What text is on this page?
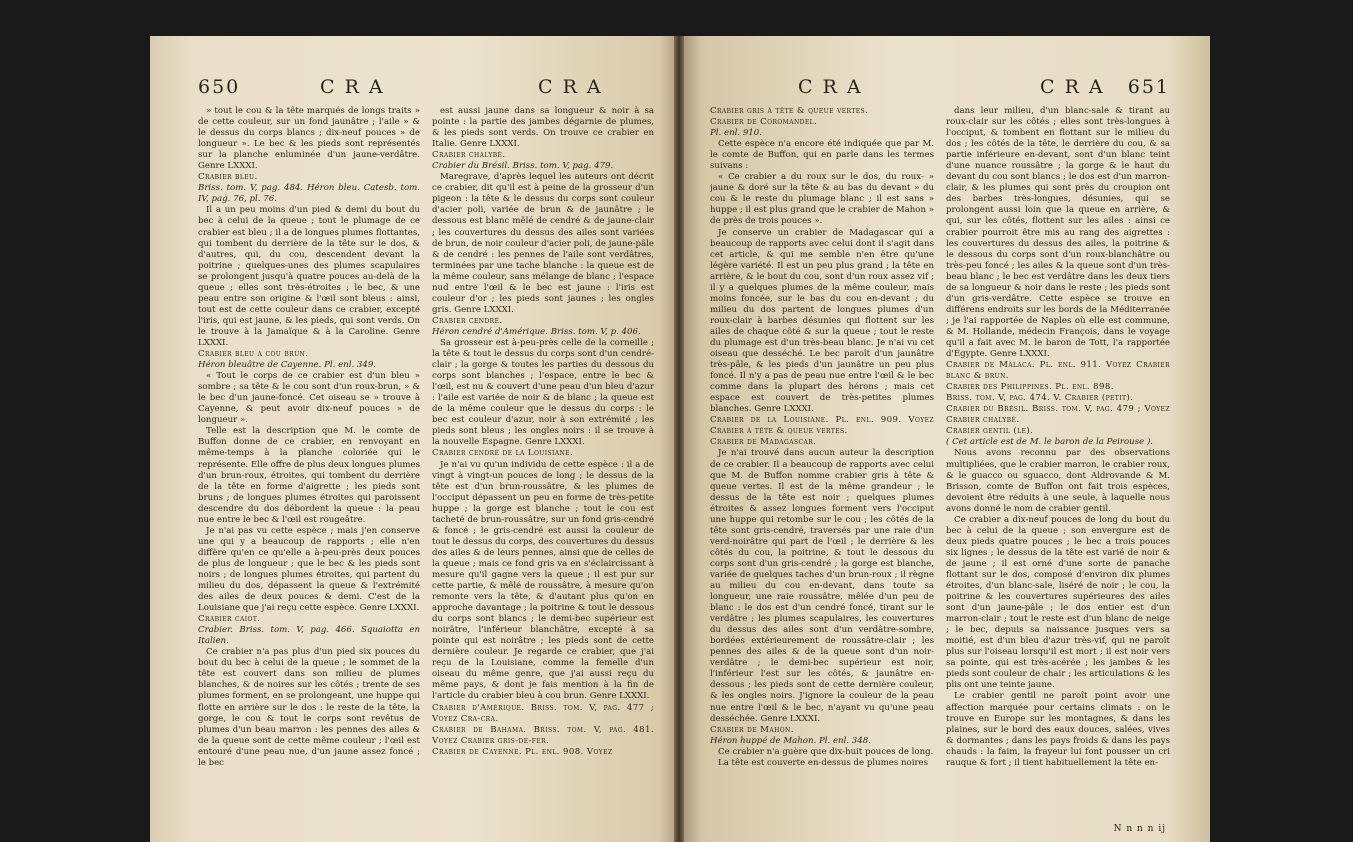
650	C R A	C R A

» tout le cou & la tête marqués de longs traits » de cette couleur, sur un fond jaunâtre ; l'aile » & le dessus du corps blancs ; dix-neuf pouces » de longueur ». Le bec & les pieds sont représentés sur la planche enluminée d'un jaune-verdâtre. Genre LXXXI.

Crabier bleu.

Briss. tom. V, pag. 484. Héron bleu. Catesb. tom. IV, pag. 76, pl. 76.

Il a un peu moins d'un pied & demi du bout du bec à celui de la queue ; tout le plumage de ce crabier est bleu ; il a de longues plumes flottantes, qui tombent du derrière de la tête sur le dos, & d'autres, qui, du cou, descendent devant la poitrine ; quelques-unes des plumes scapulaires se prolongent jusqu'à quatre pouces au-delà de la queue ; elles sont très-étroites ; le bec, & une peau entre son origine & l'œil sont bleus : ainsi, tout est de cette couleur dans ce crabier, excepté l'iris, qui est jaune, & les pieds, qui sont verds. On le trouve à la Jamaïque & à la Caroline. Genre LXXXI.

Crabier bleu a cou brun.

Héron bleuâtre de Cayenne. Pl. enl. 349.

« Tout le corps de ce crabier est d'un bleu » sombre ; sa tête & le cou sont d'un roux-brun, » & le bec d'un jaune-foncé. Cet oiseau se » trouve à Cayenne, & peut avoir dix-neuf pouces » de longueur ».

Telle est la description que M. le comte de Buffon donne de ce crabier, en renvoyant en même-temps à la planche coloriée qui le représente. Elle offre de plus deux longues plumes d'un brun-roux, étroites, qui tombent du derrière de la tête en forme d'aigrette ; les pieds sont bruns ; de longues plumes étroites qui paroissent descendre du dos débordent la queue : la peau nue entre le bec & l'œil est rougeâtre.

Je n'ai pas vu cette espèce ; mais j'en conserve une qui y a beaucoup de rapports ; elle n'en diffère qu'en ce qu'elle a à-peu-près deux pouces de plus de longueur ; que le bec & les pieds sont noirs ; de longues plumes étroites, qui partent du milieu du dos, dépassent la queue & l'extrémité des ailes de deux pouces & demi. C'est de la Louisiane que j'ai reçu cette espèce. Genre LXXXI.

Crabier caiot.

Crabier. Briss. tom. V, pag. 466. Squaiotta en Italien.

Ce crabier n'a pas plus d'un pied six pouces du bout du bec à celui de la queue ; le sommet de la tête est couvert dans son milieu de plumes blanches, & de noires sur les côtés ; trente de ses plumes forment, en se prolongeant, une huppe qui flotte en arrière sur le dos : le reste de la tête, la gorge, le cou & tout le corps sont revêtus de plumes d'un beau marron : les pennes des ailes & de la queue sont de cette même couleur ; l'œil est entouré d'une peau nue, d'un jaune assez foncé ; le bec

est aussi jaune dans sa longueur & noir à sa pointe : la partie des jambes dégarnie de plumes, & les pieds sont verds. On trouve ce crabier en Italie. Genre LXXXI.

Crabier chalybé.

Crabier du Brésil. Briss. tom. V, pag. 479.

Maregrave, d'après lequel les auteurs ont décrit ce crabier, dit qu'il est à peine de la grosseur d'un pigeon : la tête & le dessus du corps sont couleur d'acier poli, variée de brun & de jaunâtre ; le dessous est blanc mêlé de cendré & de jaune-clair ; les couvertures du dessus des ailes sont variées de brun, de noir couleur d'acier poli, de jaune-pâle & de cendré : les pennes de l'aile sont verdâtres, terminées par une tache blanche : la queue est de la même couleur, sans mélange de blanc ; l'espace nud entre l'œil & le bec est jaune : l'iris est couleur d'or ; les pieds sont jaunes ; les ongles gris. Genre LXXXI.

Crabier cendré.

Héron cendré d'Amérique. Briss. tom. V, p. 406.

Sa grosseur est à-peu-près celle de la corneille ; la tête & tout le dessus du corps sont d'un cendré-clair ; la gorge & toutes les parties du dessous du corps sont blanches ; l'espace, entre le bec & l'œil, est nu & couvert d'une peau d'un bleu d'azur : l'aile est variée de noir & de blanc ; la queue est de la même couleur que le dessus du corps : le bec est couleur d'azur, noir à son extrémité ; les pieds sont bleus ; les ongles noirs : il se trouve à la nouvelle Espagne. Genre LXXXI.

Crabier cendré de la Louisiane.

Je n'ai vu qu'un individu de cette espèce : il a de vingt à vingt-un pouces de long ; le dessus de la tête est d'un brun-roussâtre, & les plumes de l'occiput dépassent un peu en forme de très-petite huppe ; la gorge est blanche ; tout le cou est tacheté de brun-roussâtre, sur un fond gris-cendré & foncé ; le gris-cendré est aussi la couleur de tout le dessus du corps, des couvertures du dessus des ailes & de leurs pennes, ainsi que de celles de la queue ; mais ce fond gris va en s'éclaircissant à mesure qu'il gagne vers la queue ; il est pur sur cette partie, & mêlé de roussâtre, à mesure qu'on remonte vers la tête, & d'autant plus qu'on en approche davantage ; la poitrine & tout le dessous du corps sont blancs ; le demi-bec supérieur est noirâtre, l'inférieur blanchâtre, excepté à sa pointe qui est noirâtre ; les pieds sont de cette dernière couleur. Je regarde ce crabier, que j'ai reçu de la Louisiane, comme la femelle d'un oiseau du même genre, que j'ai aussi reçu du même pays, & dont je fais mention à la fin de l'article du crabier bleu à cou brun. Genre LXXXI.

Crabier d'Amérique. Briss. tom. V, pag. 477 ; Voyez Cra-cra.

Crabier de Bahama. Briss. tom. V, pag. 481. Voyez Crabier gris-de-fer.

Crabier de Cayenne. Pl. enl. 908. Voyez

C R A	C R A 651

Crabier gris à tête & queue vertes.

Crabier de Coromandel.

Pl. enl. 910.

Cette espèce n'a encore été indiquée que par M. le comte de Buffon, qui en parle dans les termes suivans :

« Ce crabier a du roux sur le dos, du roux- » jaune & doré sur la tête & au bas du devant » du cou & le reste du plumage blanc ; il est sans » huppe ; il est plus grand que le crabier de Mahon » de près de trois pouces ».

Je conserve un crabier de Madagascar qui a beaucoup de rapports avec celui dont il s'agit dans cet article, & qui me semble n'en être qu'une légère variété. Il est un peu plus grand ; la tête en arrière, & le bout du cou, sont d'un roux assez vif ; il y a quelques plumes de la même couleur, mais moins foncée, sur le bas du cou en-devant ; du milieu du dos partent de longues plumes d'un roux-clair à barbes désunies qui flottent sur les ailes de chaque côté & sur la queue ; tout le reste du plumage est d'un très-beau blanc. Je n'ai vu cet oiseau que desséché. Le bec paroît d'un jaunâtre très-pâle, & les pieds d'un jaunâtre un peu plus foncé. Il n'y a pas de peau nue entre l'œil & le bec comme dans la plupart des hérons ; mais cet espace est couvert de très-petites plumes blanches. Genre LXXXI.

Crabier de la Louisiane. Pl. enl. 909. Voyez Crabier à tête & queue vertes.

Crabier de Madagascar.

Je n'ai trouvé dans aucun auteur la description de ce crabier. Il a beaucoup de rapports avec celui que M. de Buffon nomme crabier gris à tête & queue vertes. Il est de la même grandeur ; le dessus de la tête est noir ; quelques plumes étroites & assez longues forment vers l'occiput une huppe qui retombe sur le cou ; les côtés de la tête sont gris-cendré, traversés par une raie d'un verd-noirâtre qui part de l'œil ; le derrière & les côtés du cou, la poitrine, & tout le dessous du corps sont d'un gris-cendré ; la gorge est blanche, variée de quelques taches d'un brun-roux ; il règne au milieu du cou en-devant, dans toute sa longueur, une raie roussâtre, mêlée d'un peu de blanc : le dos est d'un cendré foncé, tirant sur le verdâtre ; les plumes scapulaires, les couvertures du dessus des ailes sont d'un verdâtre-sombre, bordées extérieurement de roussâtre-clair ; les pennes des ailes & de la queue sont d'un noir-verdâtre ; le demi-bec supérieur est noir, l'inférieur l'est sur les côtés, & jaunâtre en-dessous ; les pieds sont de cette dernière couleur, & les ongles noirs. J'ignore la couleur de la peau nue entre l'œil & le bec, n'ayant vu qu'une peau desséchée. Genre LXXXI.

Crabier de Mahon.

Héron huppé de Mahon. Pl. enl. 348.

Ce crabier n'a guère que dix-huit pouces de long.

La tête est couverte en-dessus de plumes noires

dans leur milieu, d'un blanc-sale & tirant au roux-clair sur les côtés ; elles sont très-longues à l'occiput, & tombent en flottant sur le milieu du dos ; les côtés de la tête, le derrière du cou, & sa partie inférieure en-devant, sont d'un blanc teint d'une nuance roussâtre ; la gorge & le haut du devant du cou sont blancs ; le dos est d'un marron-clair, & les plumes qui sont près du croupion ont des barbes très-longues, désunies, qui se prolongent aussi loin que la queue en arrière, & qui, sur les côtés, flottent sur les ailes : ainsi ce crabier pourroit être mis au rang des aigrettes : les couvertures du dessus des ailes, la poitrine & le dessous du corps sont d'un roux-blanchâtre ou très-peu foncé ; les ailes & la queue sont d'un très-beau blanc ; le bec est verdâtre dans les deux tiers de sa longueur & noir dans le reste ; les pieds sont d'un gris-verdâtre. Cette espèce se trouve en différens endroits sur les bords de la Méditerranée ; je l'ai rapportée de Naples où elle est commune, & M. Hollande, médecin François, dans le voyage qu'il a fait avec M. le baron de Tott, l'a rapportée d'Égypte. Genre LXXXI.

Crabier de Malaca. Pl. enl. 911. Voyez Crabier blanc & brun.

Crabier des Philippines. Pl. enl. 898.

Briss. tom. V, pag. 474. V. Crabier (petit).

Crabier du Brésil. Briss. tom. V, pag. 479 ; Voyez Crabier chalybé.

Crabier gentil (le).

( Cet article est de M. le baron de la Peirouse ).

Nous avons reconnu par des observations multipliées, que le crabier marron, le crabier roux, & le guacco ou sguacco, dont Aldrovande & M. Brisson, comte de Buffon ont fait trois espèces, devoient être réduits à une seule, à laquelle nous avons donné le nom de crabier gentil.

Ce crabier a dix-neuf pouces de long du bout du bec à celui de la queue ; son envergure est de deux pieds quatre pouces ; le bec a trois pouces six lignes ; le dessus de la tête est varié de noir & de jaune ; il est orné d'une sorte de panache flottant sur le dos, composé d'environ dix plumes étroites, d'un blanc-sale, liséré de noir ; le cou, la poitrine & les couvertures supérieures des ailes sont d'un jaune-pâle ; le dos entier est d'un marron-clair ; tout le reste est d'un blanc de neige ; le bec, depuis sa naissance jusques vers sa moitié, est d'un bleu d'azur très-vif, qui ne paroît plus sur l'oiseau lorsqu'il est mort ; il est noir vers sa pointe, qui est très-acérée ; les jambes & les pieds sont couleur de chair ; les articulations & les plis ont une teinte jaune.

Le crabier gentil ne paroît point avoir une affection marquée pour certains climats : on le trouve en Europe sur les montagnes, & dans les plaines, sur le bord des eaux douces, salées, vives & dormantes ; dans les pays froids & dans les pays chauds : la faim, la frayeur lui font pousser un cri rauque & fort ; il tient habituellement la tête en-

N n n n ij
